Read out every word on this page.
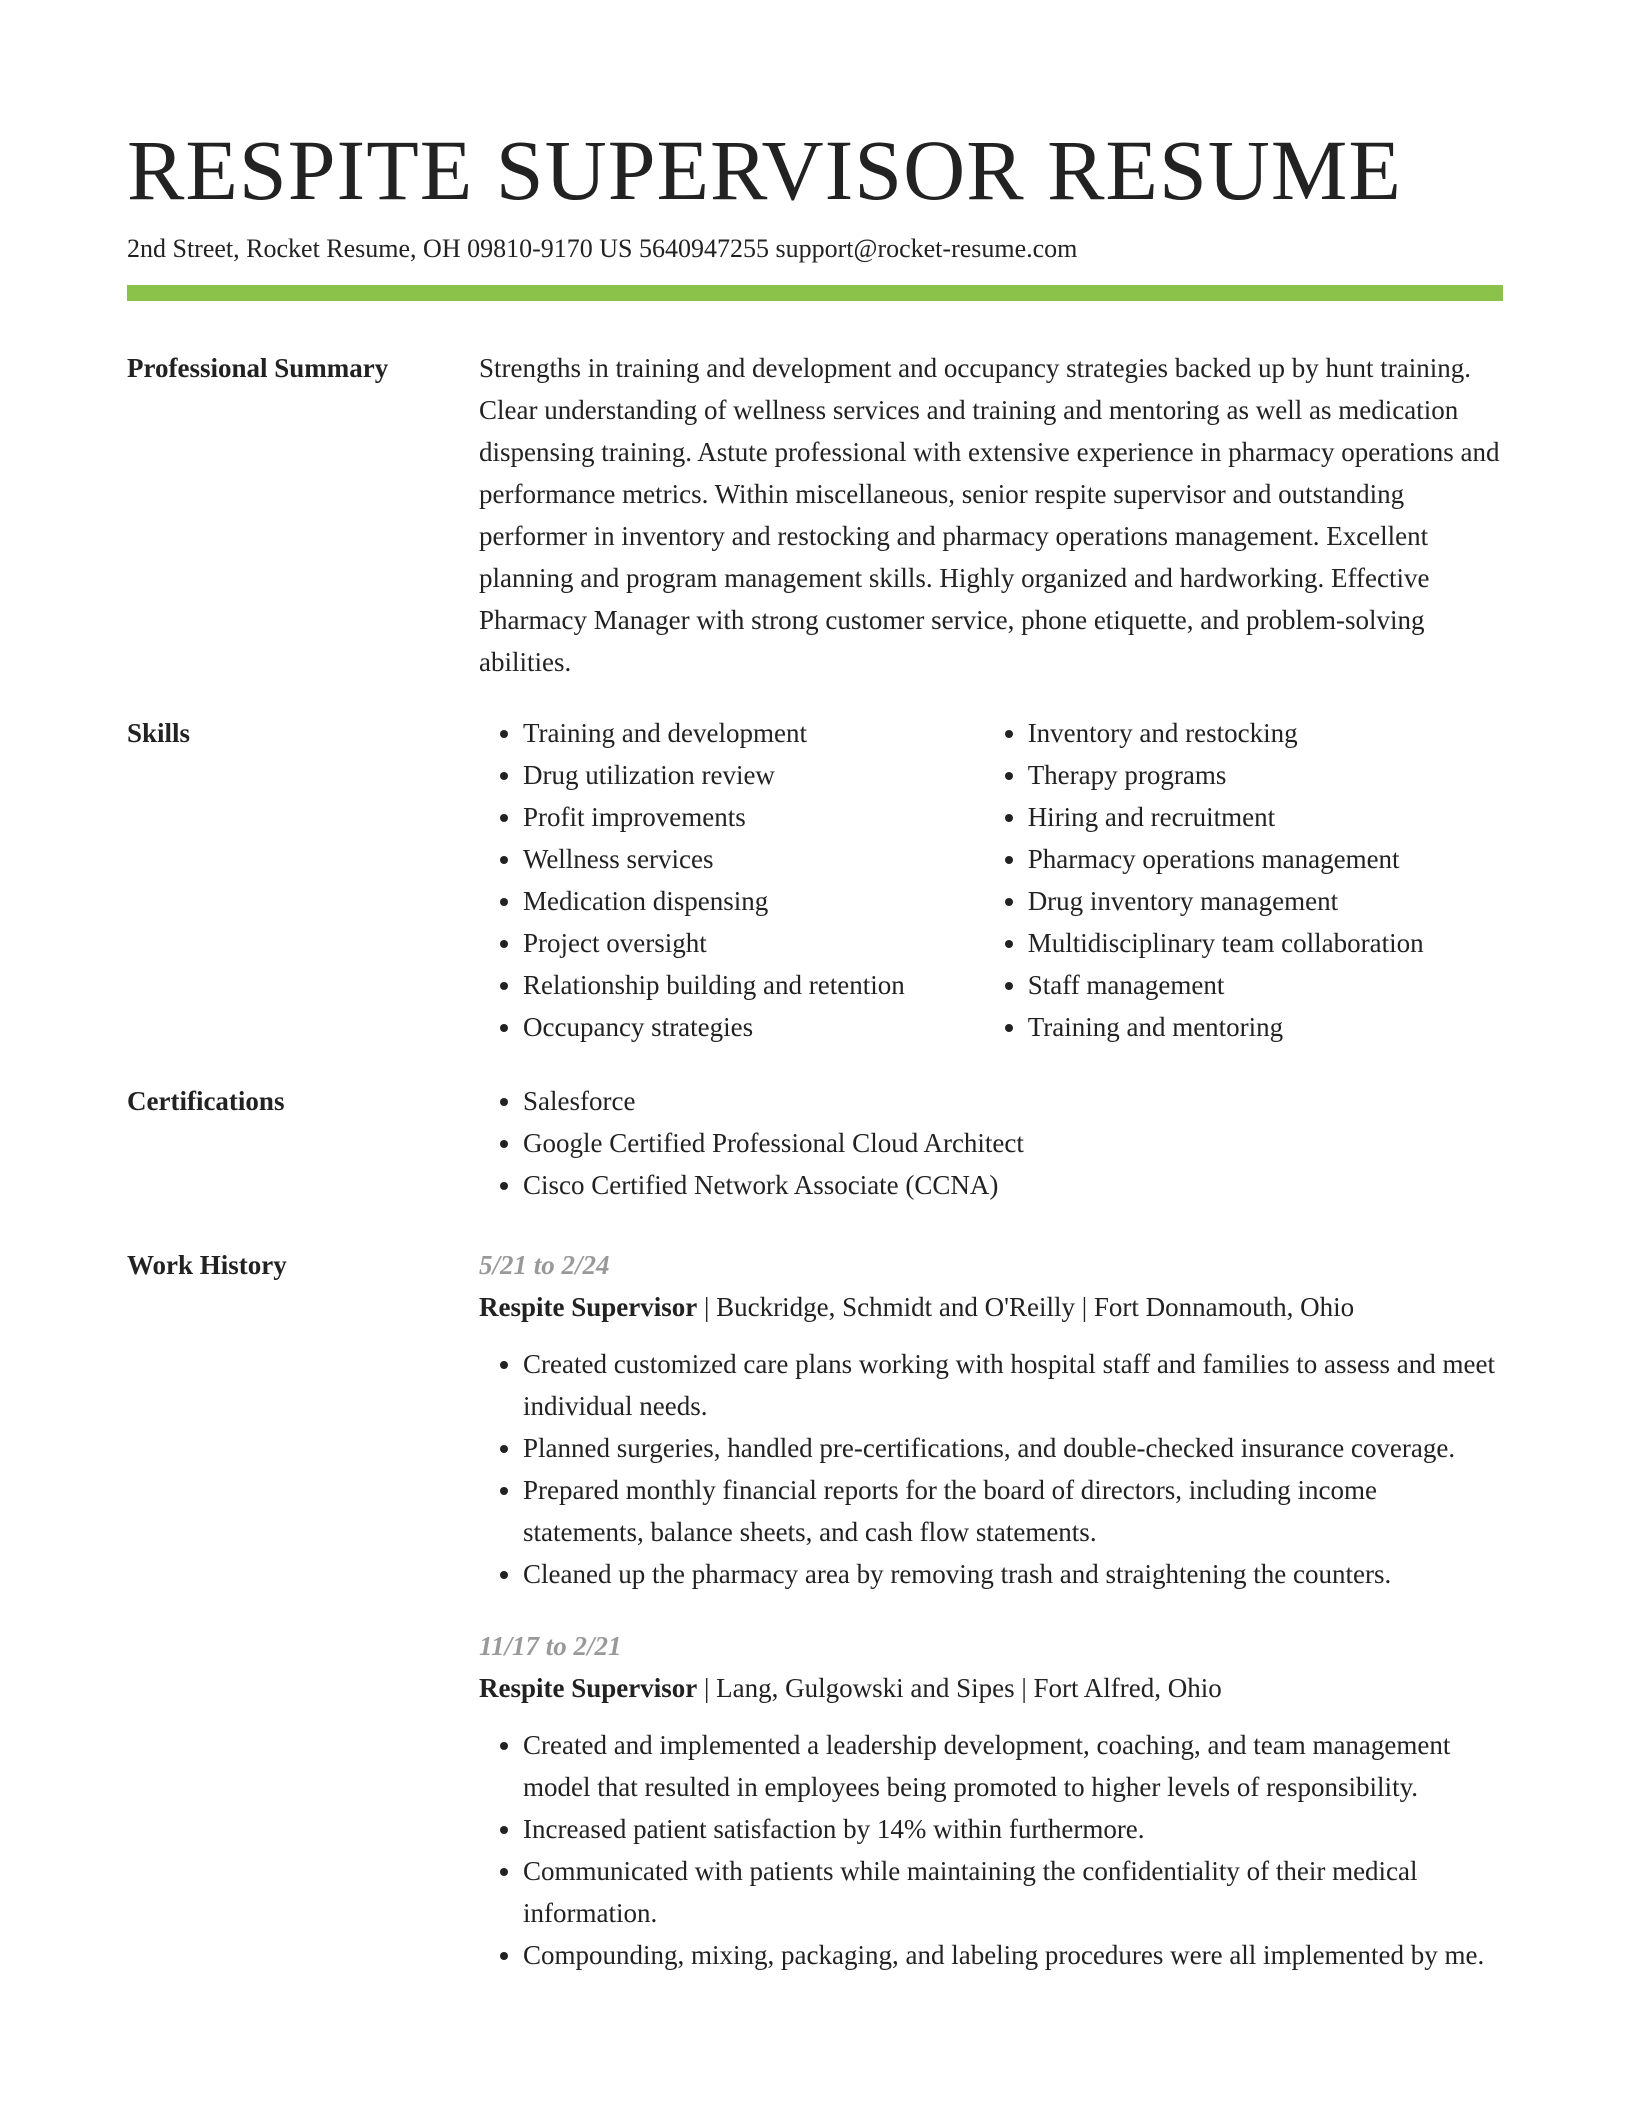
RESPITE SUPERVISOR RESUME
2nd Street, Rocket Resume, OH 09810-9170 US 5640947255 support@rocket-resume.com
Professional Summary	Strengths in training and development and occupancy strategies backed up by hunt training. Clear understanding of wellness services and training and mentoring as well as medication dispensing training. Astute professional with extensive experience in pharmacy operations and performance metrics. Within miscellaneous, senior respite supervisor and outstanding performer in inventory and restocking and pharmacy operations management. Excellent planning and program management skills. Highly organized and hardworking. Effective Pharmacy Manager with strong customer service, phone etiquette, and problem-solving abilities.

Skills	• Training and development
• Drug utilization review
• Profit improvements
• Wellness services
• Medication dispensing
• Project oversight
• Relationship building and retention
• Occupancy strategies
• Inventory and restocking
• Therapy programs
• Hiring and recruitment
• Pharmacy operations management
• Drug inventory management
• Multidisciplinary team collaboration
• Staff management
• Training and mentoring
Certifications	• Salesforce
• Google Certified Professional Cloud Architect
• Cisco Certified Network Associate (CCNA)
Work History	5/21 to 2/24
Respite Supervisor | Buckridge, Schmidt and O'Reilly | Fort Donnamouth, Ohio
• Created customized care plans working with hospital staff and families to assess and meet individual needs.
• Planned surgeries, handled pre-certifications, and double-checked insurance coverage.
• Prepared monthly financial reports for the board of directors, including income statements, balance sheets, and cash flow statements.
• Cleaned up the pharmacy area by removing trash and straightening the counters.
11/17 to 2/21
Respite Supervisor | Lang, Gulgowski and Sipes | Fort Alfred, Ohio
• Created and implemented a leadership development, coaching, and team management model that resulted in employees being promoted to higher levels of responsibility.
• Increased patient satisfaction by 14% within furthermore.
• Communicated with patients while maintaining the confidentiality of their medical information.
• Compounding, mixing, packaging, and labeling procedures were all implemented by me.
